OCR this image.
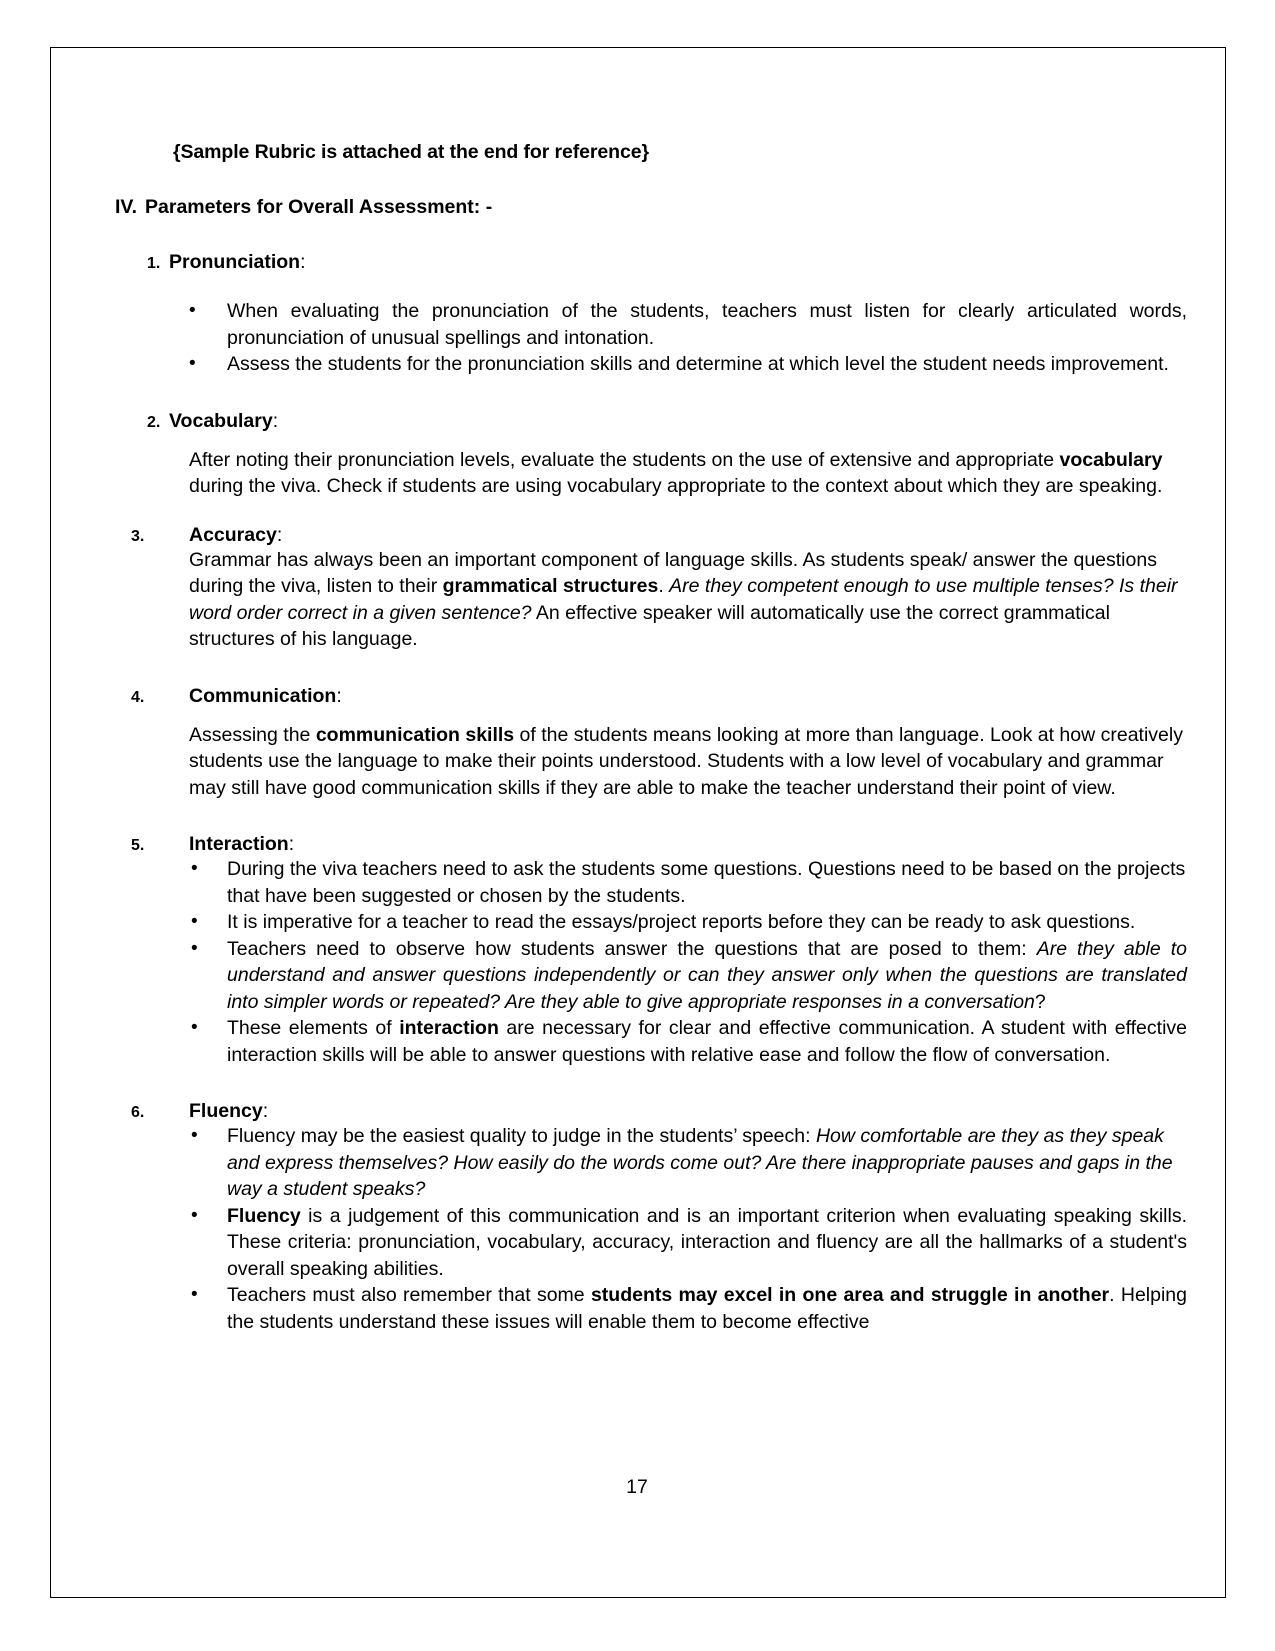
{Sample Rubric is attached at the end for reference}

IV. Parameters for Overall Assessment: -

1. Pronunciation :

• When evaluating the pronunciation of the students, teachers must listen for clearly articulated words, pronunciation of unusual spellings and intonation.
• Assess the students for the pronunciation skills and determine at which level the student needs improvement.

2. Vocabulary :

After noting their pronunciation levels, evaluate the students on the use of extensive and appropriate vocabulary during the viva. Check if students are using vocabulary appropriate to the context about which they are speaking.

3.	Accuracy :

Grammar has always been an important component of language skills. As students speak/ answer the questions during the viva, listen to their grammatical structures. Are they competent enough to use multiple tenses? Is their word order correct in a given sentence? An effective speaker will automatically use the correct grammatical structures of his language.

4.	Communication :

Assessing the communication skills of the students means looking at more than language. Look at how creatively students use the language to make their points understood. Students with a low level of vocabulary and grammar may still have good communication skills if they are able to make the teacher understand their point of view.

5.	Interaction :

• During the viva teachers need to ask the students some questions. Questions need to be based on the projects that have been suggested or chosen by the students.
• It is imperative for a teacher to read the essays/project reports before they can be ready to ask questions.
• Teachers need to observe how students answer the questions that are posed to them: Are they able to understand and answer questions independently or can they answer only when the questions are translated into simpler words or repeated? Are they able to give appropriate responses in a conversation?
• These elements of interaction are necessary for clear and effective communication. A student with effective interaction skills will be able to answer questions with relative ease and follow the flow of conversation.

6.	Fluency :

• Fluency may be the easiest quality to judge in the students’ speech: How comfortable are they as they speak and express themselves? How easily do the words come out? Are there inappropriate pauses and gaps in the way a student speaks?
• Fluency is a judgement of this communication and is an important criterion when evaluating speaking skills. These criteria: pronunciation, vocabulary, accuracy, interaction and fluency are all the hallmarks of a student's overall speaking abilities.
• Teachers must also remember that some students may excel in one area and struggle in another. Helping the students understand these issues will enable them to become effective
17
